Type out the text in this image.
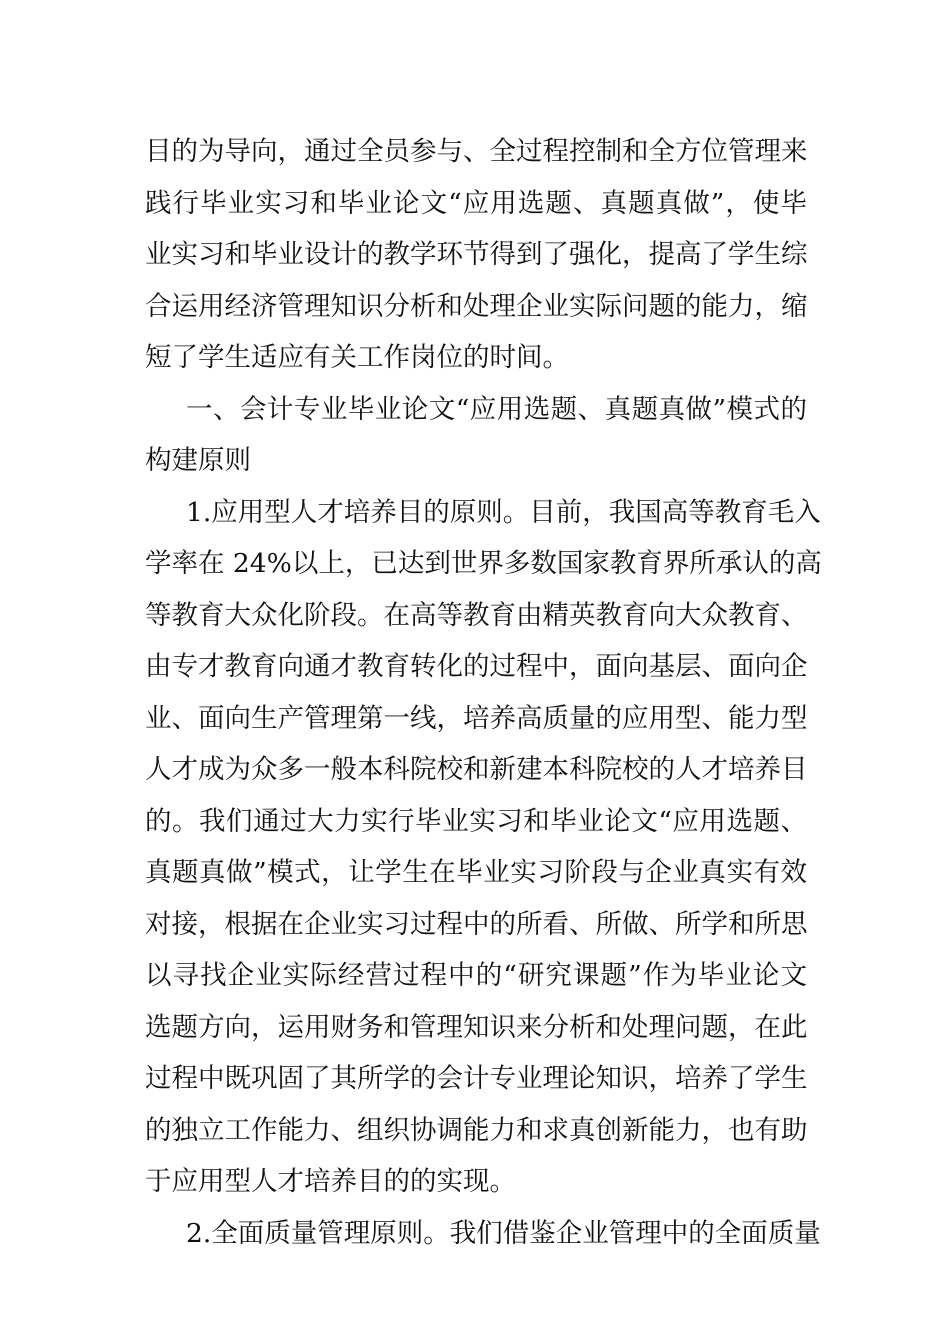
目的为导向，通过全员参与、全过程控制和全方位管理来
践行毕业实习和毕业论文“应用选题、真题真做”，使毕
业实习和毕业设计的教学环节得到了强化，提高了学生综
合运用经济管理知识分析和处理企业实际问题的能力，缩
短了学生适应有关工作岗位的时间。
一、会计专业毕业论文“应用选题、真题真做”模式的
构建原则
1.应用型人才培养目的原则。目前，我国高等教育毛入
学率在 24%以上，已达到世界多数国家教育界所承认的高
等教育大众化阶段。在高等教育由精英教育向大众教育、
由专才教育向通才教育转化的过程中，面向基层、面向企
业、面向生产管理第一线，培养高质量的应用型、能力型
人才成为众多一般本科院校和新建本科院校的人才培养目
的。我们通过大力实行毕业实习和毕业论文“应用选题、
真题真做”模式，让学生在毕业实习阶段与企业真实有效
对接，根据在企业实习过程中的所看、所做、所学和所思
以寻找企业实际经营过程中的“研究课题”作为毕业论文
选题方向，运用财务和管理知识来分析和处理问题，在此
过程中既巩固了其所学的会计专业理论知识，培养了学生
的独立工作能力、组织协调能力和求真创新能力，也有助
于应用型人才培养目的的实现。
2.全面质量管理原则。我们借鉴企业管理中的全面质量
